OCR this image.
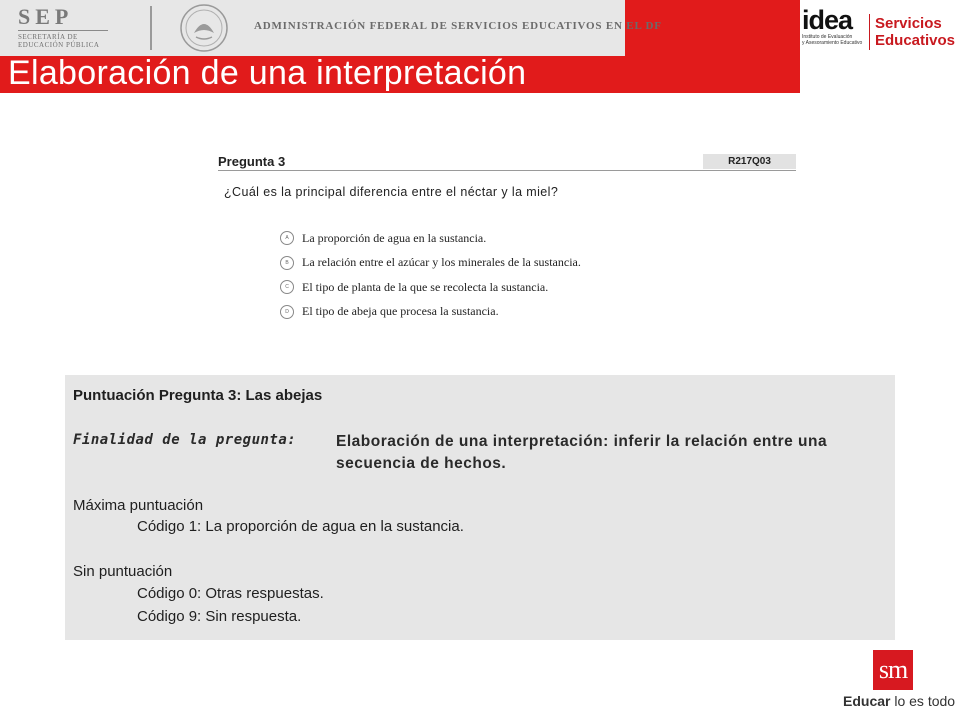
SEP
SECRETARÍA DE
EDUCACIÓN PÚBLICA
ADMINISTRACIÓN FEDERAL DE SERVICIOS EDUCATIVOS EN EL DF
Elaboración de una interpretación
idea
Instituto de Evaluación
y Asesoramiento Educativo
Servicios
Educativos
Pregunta 3	R217Q03
¿Cuál es la principal diferencia entre el néctar y la miel?
A	La proporción de agua en la sustancia.
B	La relación entre el azúcar y los minerales de la sustancia.
C	El tipo de planta de la que se recolecta la sustancia.
D	El tipo de abeja que procesa la sustancia.
Puntuación Pregunta 3: Las abejas
Finalidad de la pregunta:	Elaboración de una interpretación: inferir la relación entre una secuencia de hechos.
Máxima puntuación
Código 1: La proporción de agua en la sustancia.
Sin puntuación
Código 0: Otras respuestas.
Código 9: Sin respuesta.
sm
Educar lo es todo
